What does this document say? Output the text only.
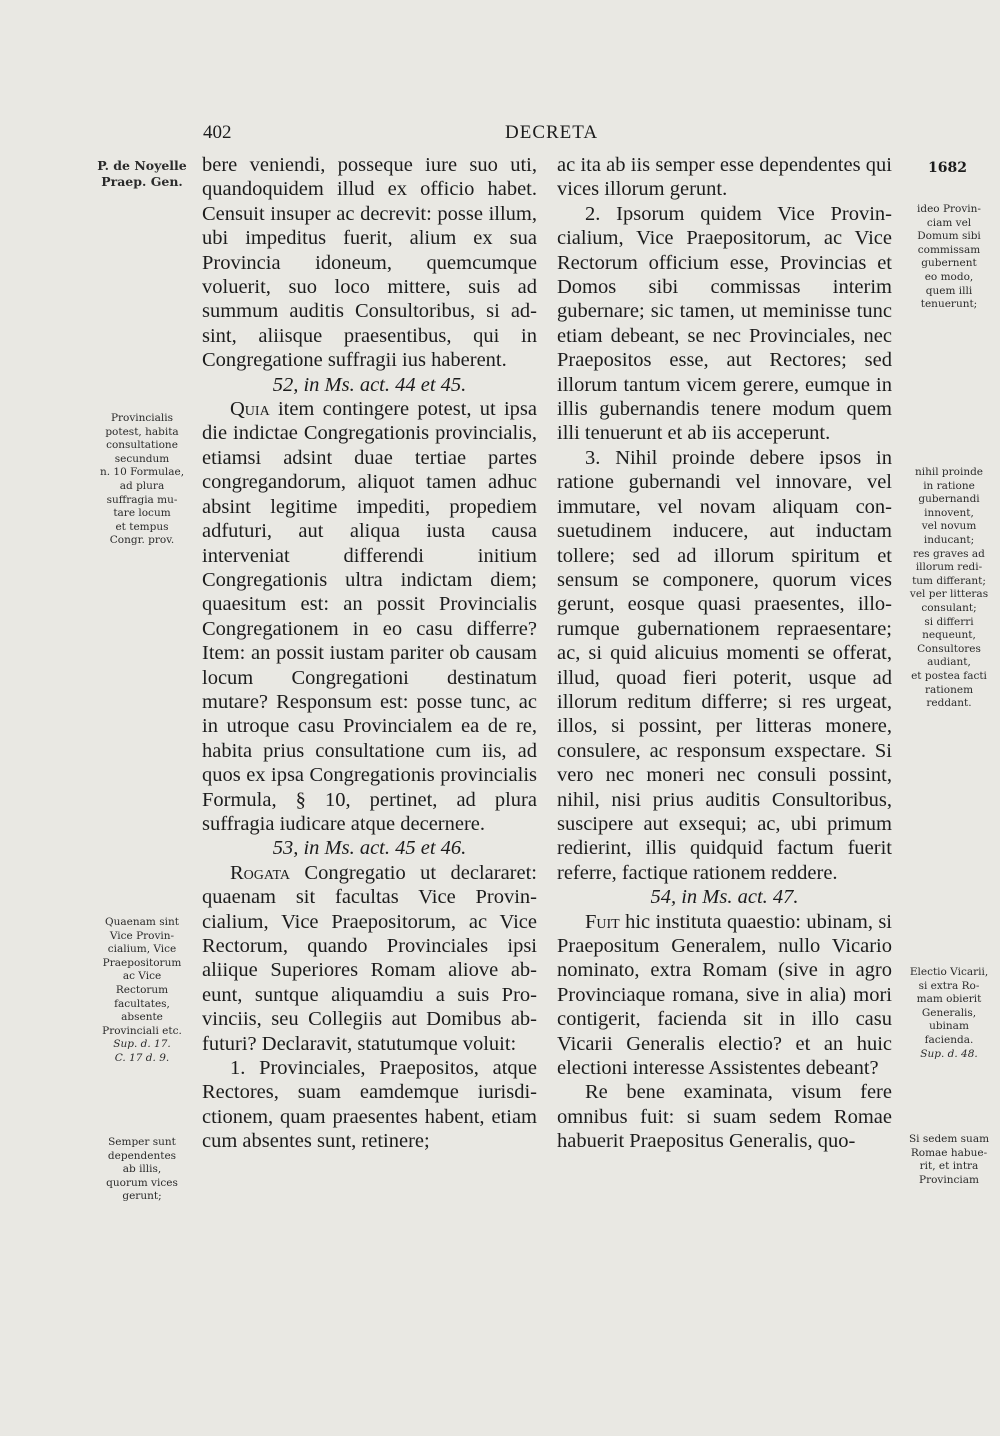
402	DECRETA
P. de Noyelle
Praep. Gen.
Provincialis
potest, habita
consultatione
secundum
n. 10 Formulae,
ad plura
suffragia mu-
tare locum
et tempus
Congr. prov.
Quaenam sint
Vice Provin-
cialium, Vice
Praepositorum
ac Vice
Rectorum
facultates,
absente
Provinciali etc.
Sup. d. 17.
C. 17 d. 9.
Semper sunt
dependentes
ab illis,
quorum vices
gerunt;

bere veniendi, posseque iure suo uti, quandoquidem illud ex officio habet. Censuit insuper ac decrevit: posse illum, ubi impeditus fuerit, alium ex sua Provincia idoneum, quemcumque voluerit, suo loco mittere, suis ad summum auditis Consultoribus, si adsint, aliisque praesentibus, qui in Congregatione suffragii ius haberent.

52, in Ms. act. 44 et 45.

Quia item contingere potest, ut ipsa die indictae Congregationis provincialis, etiamsi adsint duae tertiae partes congregandorum, aliquot tamen adhuc absint legitime impediti, propediem adfuturi, aut aliqua iusta causa interveniat differendi initium Congregationis ultra indictam diem; quaesitum est: an possit Provincialis Congregationem in eo casu differre? Item: an possit iustam pariter ob causam locum Congregationi destinatum mutare? Responsum est: posse tunc, ac in utroque casu Provincialem ea de re, habita prius consultatione cum iis, ad quos ex ipsa Congregationis provincialis Formula, § 10, pertinet, ad plura suffragia iudicare atque decernere.

53, in Ms. act. 45 et 46.

Rogata Congregatio ut declararet: quaenam sit facultas Vice Provincialium, Vice Praepositorum, ac Vice Rectorum, quando Provinciales ipsi aliique Superiores Romam aliove abeunt, suntque aliquamdiu a suis Provinciis, seu Collegiis aut Domibus abfuturi? Declaravit, statutumque voluit:

1. Provinciales, Praepositos, atque Rectores, suam eamdemque iurisdictionem, quam praesentes habent, etiam cum absentes sunt, retinere;

ac ita ab iis semper esse dependentes qui vices illorum gerunt.

2. Ipsorum quidem Vice Provincialium, Vice Praepositorum, ac Vice Rectorum officium esse, Provincias et Domos sibi commissas interim gubernare; sic tamen, ut meminisse tunc etiam debeant, se nec Provinciales, nec Praepositos esse, aut Rectores; sed illorum tantum vicem gerere, eumque in illis gubernandis tenere modum quem illi tenuerunt et ab iis acceperunt.

3. Nihil proinde debere ipsos in ratione gubernandi vel innovare, vel immutare, vel novam aliquam consuetudinem inducere, aut inductam tollere; sed ad illorum spiritum et sensum se componere, quorum vices gerunt, eosque quasi praesentes, illorumque gubernationem repraesentare; ac, si quid alicuius momenti se offerat, illud, quoad fieri poterit, usque ad illorum reditum differre; si res urgeat, illos, si possint, per litteras monere, consulere, ac responsum exspectare. Si vero nec moneri nec consuli possint, nihil, nisi prius auditis Consultoribus, suscipere aut exsequi; ac, ubi primum redierint, illis quidquid factum fuerit referre, factique rationem reddere.

54, in Ms. act. 47.

Fuit hic instituta quaestio: ubinam, si Praepositum Generalem, nullo Vicario nominato, extra Romam (sive in agro Provinciaque romana, sive in alia) mori contigerit, facienda sit in illo casu Vicarii Generalis electio? et an huic electioni interesse Assistentes debeant?

Re bene examinata, visum fere omnibus fuit: si suam sedem Romae habuerit Praepositus Generalis, quo-

1682
ideo Provin-
ciam vel
Domum sibi
commissam
gubernent
eo modo,
quem illi
tenuerunt;
nihil proinde
in ratione
gubernandi
innovent,
vel novum
inducant;
res graves ad
illorum redi-
tum differant;
vel per litteras
consulant;
si differri
nequeunt,
Consultores
audiant,
et postea facti
rationem
reddant.
Electio Vicarii,
si extra Ro-
mam obierit
Generalis,
ubinam
facienda.
Sup. d. 48.
Si sedem suam
Romae habue-
rit, et intra
Provinciam
